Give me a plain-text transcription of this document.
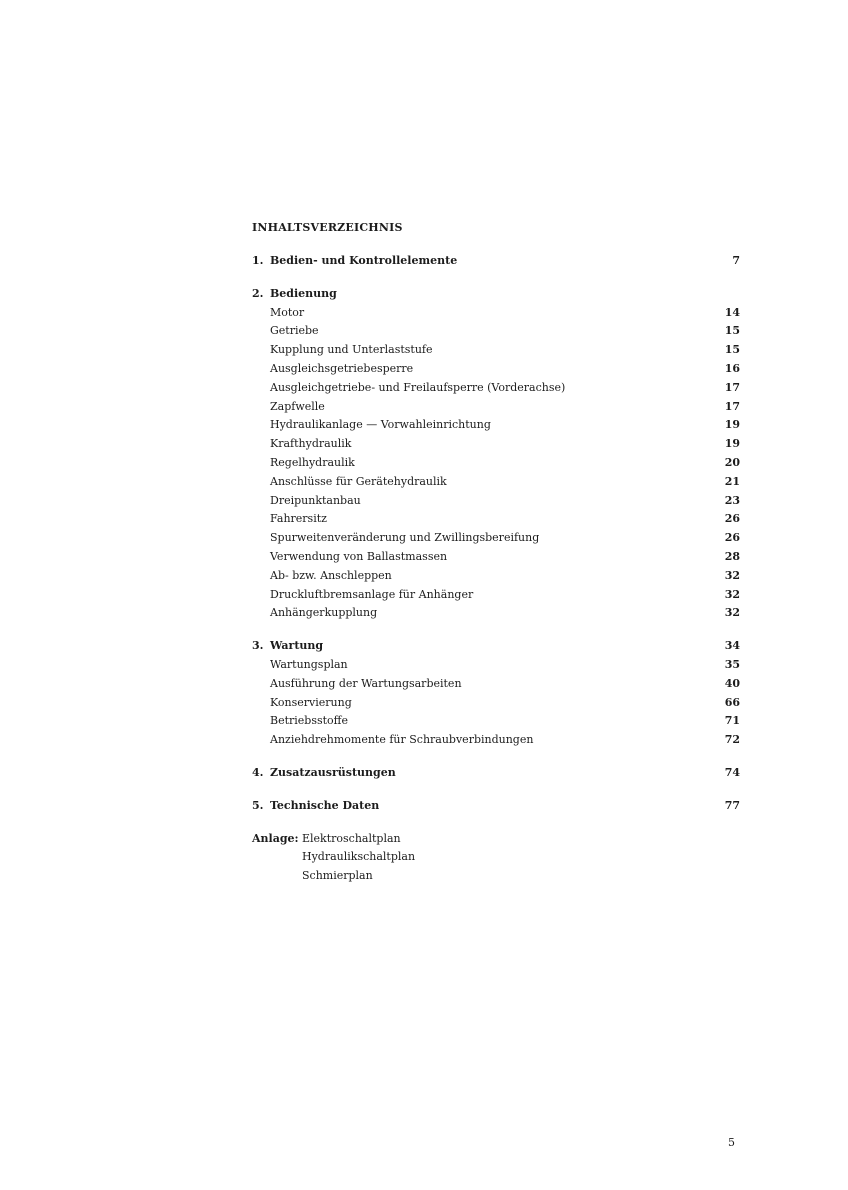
INHALTSVERZEICHNIS
1. Bedien- und Kontrollelemente	7
2. Bedienung
Motor	14
Getriebe	15
Kupplung und Unterlaststufe	15
Ausgleichsgetriebesperre	16
Ausgleichgetriebe- und Freilaufsperre (Vorderachse)	17
Zapfwelle	17
Hydraulikanlage — Vorwahleinrichtung	19
Krafthydraulik	19
Regelhydraulik	20
Anschlüsse für Gerätehydraulik	21
Dreipunktanbau	23
Fahrersitz	26
Spurweitenveränderung und Zwillingsbereifung	26
Verwendung von Ballastmassen	28
Ab- bzw. Anschleppen	32
Druckluftbremsanlage für Anhänger	32
Anhängerkupplung	32
3. Wartung	34
Wartungsplan	35
Ausführung der Wartungsarbeiten	40
Konservierung	66
Betriebsstoffe	71
Anziehdrehmomente für Schraubverbindungen	72
4. Zusatzausrüstungen	74
5. Technische Daten	77
Anlage: Elektroschaltplan
Hydraulikschaltplan
Schmierplan
5
